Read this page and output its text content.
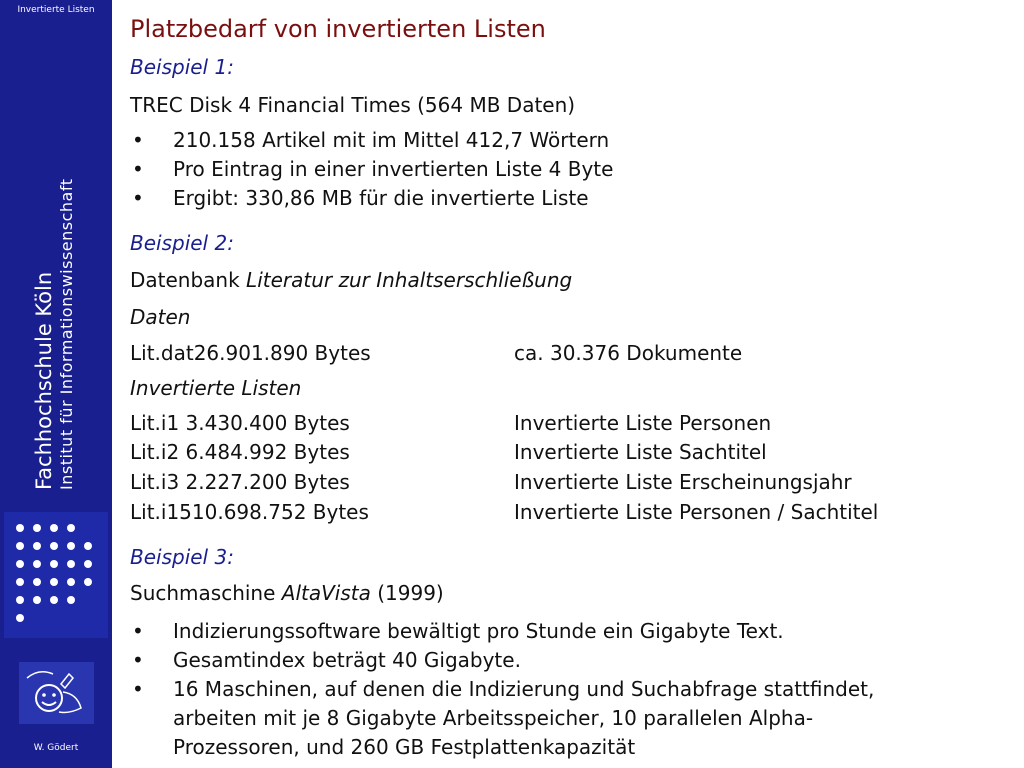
Invertierte Listen
Fachhochschule Köln Institut für Informationswissenschaft
W. Gödert
Platzbedarf von invertierten Listen
Beispiel 1:
TREC Disk 4 Financial Times (564 MB Daten)
• 210.158 Artikel mit im Mittel 412,7 Wörtern
• Pro Eintrag in einer invertierten Liste 4 Byte
• Ergibt: 330,86 MB für die invertierte Liste
Beispiel 2:
Datenbank Literatur zur Inhaltserschließung
Daten
Lit.dat26.901.890 Bytes	ca. 30.376 Dokumente
Invertierte Listen
Lit.i1 3.430.400 Bytes	Invertierte Liste Personen
Lit.i2 6.484.992 Bytes	Invertierte Liste Sachtitel
Lit.i3 2.227.200 Bytes	Invertierte Liste Erscheinungsjahr
Lit.i1510.698.752 Bytes	Invertierte Liste Personen / Sachtitel
Beispiel 3:
Suchmaschine AltaVista (1999)
• Indizierungssoftware bewältigt pro Stunde ein Gigabyte Text.
• Gesamtindex beträgt 40 Gigabyte.
• 16 Maschinen, auf denen die Indizierung und Suchabfrage stattfindet,
arbeiten mit je 8 Gigabyte Arbeitsspeicher, 10 parallelen Alpha-
Prozessoren, und 260 GB Festplattenkapazität
